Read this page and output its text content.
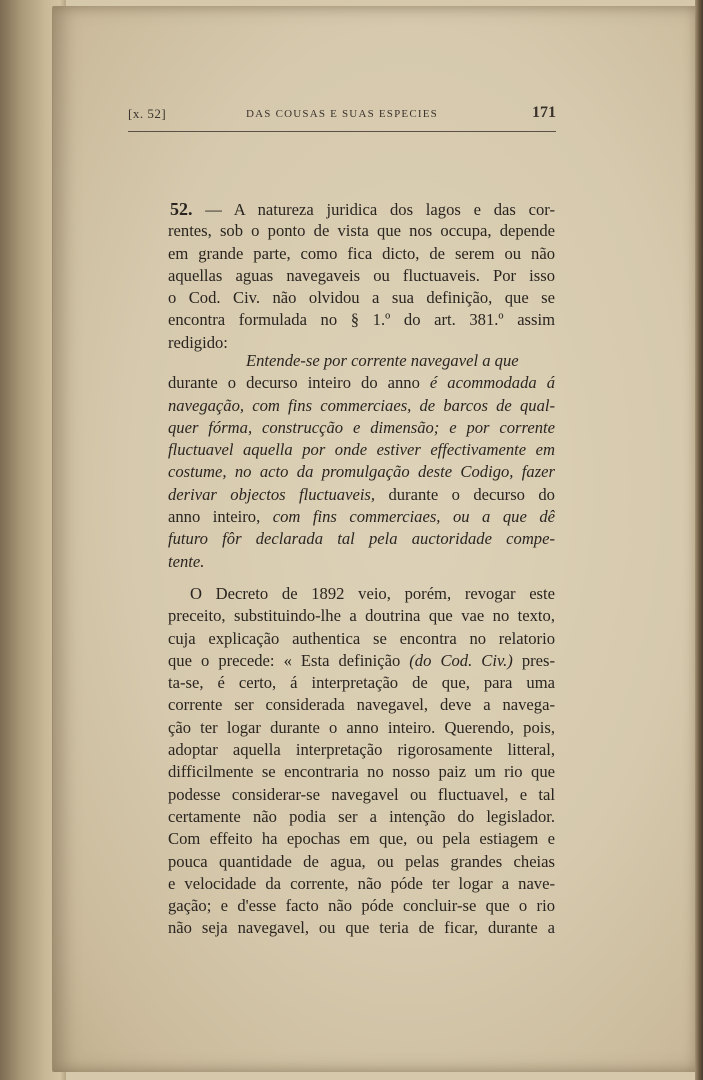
[x. 52]	DAS COUSAS E SUAS ESPECIES	171
52. — A natureza juridica dos lagos e das cor-
rentes, sob o ponto de vista que nos occupa, depende
em grande parte, como fica dicto, de serem ou não
aquellas aguas navegaveis ou fluctuaveis. Por isso
o Cod. Civ. não olvidou a sua definição, que se
encontra formulada no § 1.º do art. 381.º assim
redigido:
Entende-se por corrente navegavel a que
durante o decurso inteiro do anno é acommodada á
navegação, com fins commerciaes, de barcos de qual-
quer fórma, construcção e dimensão; e por corrente
fluctuavel aquella por onde estiver effectivamente em
costume, no acto da promulgação deste Codigo, fazer
derivar objectos fluctuaveis, durante o decurso do
anno inteiro, com fins commerciaes, ou a que dê
futuro fôr declarada tal pela auctoridade compe-
tente.
O Decreto de 1892 veio, porém, revogar este
preceito, substituindo-lhe a doutrina que vae no texto,
cuja explicação authentica se encontra no relatorio
que o precede: « Esta definição (do Cod. Civ.) pres-
ta-se, é certo, á interpretação de que, para uma
corrente ser considerada navegavel, deve a navega-
ção ter logar durante o anno inteiro. Querendo, pois,
adoptar aquella interpretação rigorosamente litteral,
difficilmente se encontraria no nosso paiz um rio que
podesse considerar-se navegavel ou fluctuavel, e tal
certamente não podia ser a intenção do legislador.
Com effeito ha epochas em que, ou pela estiagem e
pouca quantidade de agua, ou pelas grandes cheias
e velocidade da corrente, não póde ter logar a nave-
gação; e d'esse facto não póde concluir-se que o rio
não seja navegavel, ou que teria de ficar, durante a
